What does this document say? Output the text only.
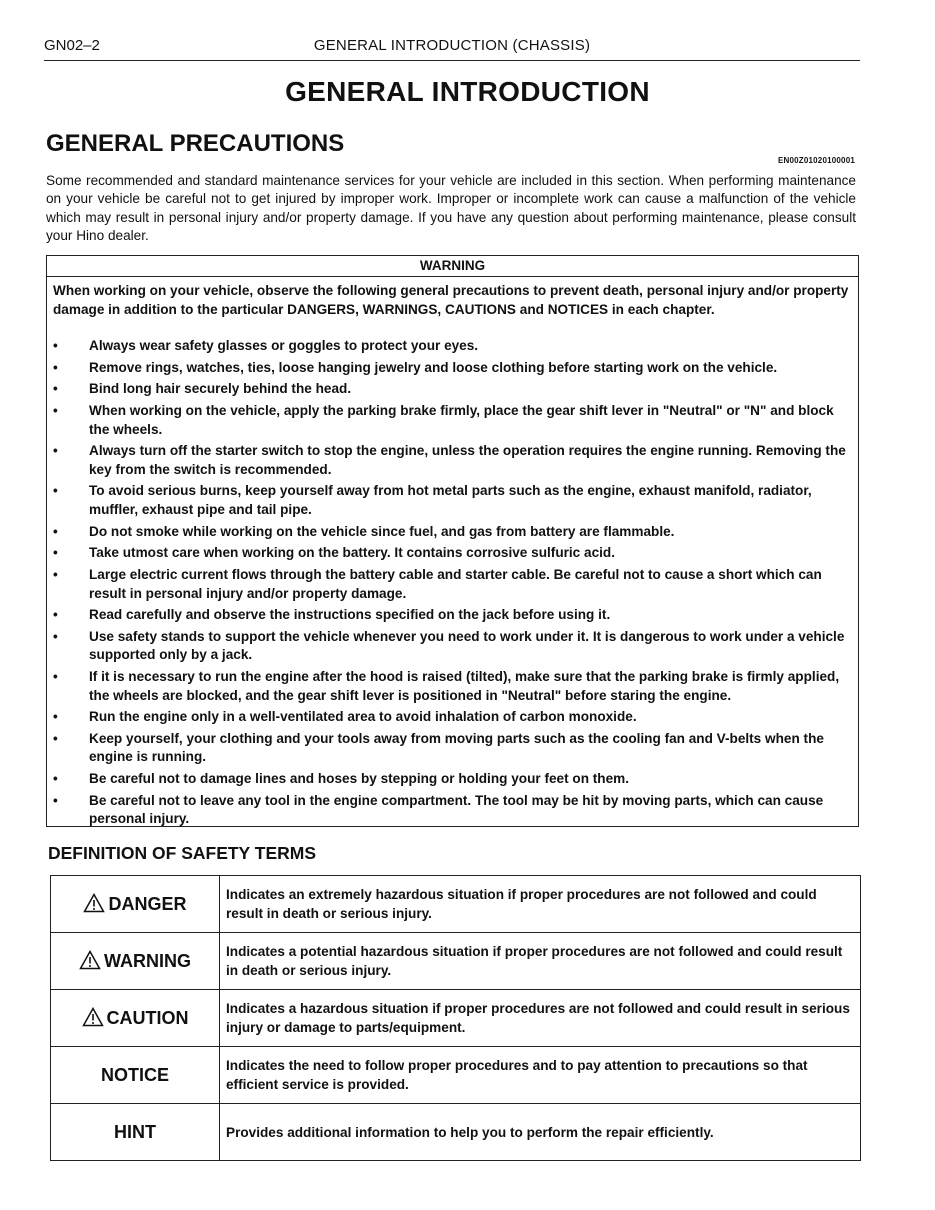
GN02–2	GENERAL INTRODUCTION (CHASSIS)
GENERAL INTRODUCTION
GENERAL PRECAUTIONS
EN00Z01020100001
Some recommended and standard maintenance services for your vehicle are included in this section. When performing maintenance on your vehicle be careful not to get injured by improper work. Improper or incomplete work can cause a malfunction of the vehicle which may result in personal injury and/or property damage. If you have any question about performing maintenance, please consult your Hino dealer.
WARNING
When working on your vehicle, observe the following general precautions to prevent death, personal injury and/or property damage in addition to the particular DANGERS, WARNINGS, CAUTIONS and NOTICES in each chapter.
• Always wear safety glasses or goggles to protect your eyes.
• Remove rings, watches, ties, loose hanging jewelry and loose clothing before starting work on the vehicle.
• Bind long hair securely behind the head.
• When working on the vehicle, apply the parking brake firmly, place the gear shift lever in "Neutral" or "N" and block the wheels.
• Always turn off the starter switch to stop the engine, unless the operation requires the engine running. Removing the key from the switch is recommended.
• To avoid serious burns, keep yourself away from hot metal parts such as the engine, exhaust manifold, radiator, muffler, exhaust pipe and tail pipe.
• Do not smoke while working on the vehicle since fuel, and gas from battery are flammable.
• Take utmost care when working on the battery. It contains corrosive sulfuric acid.
• Large electric current flows through the battery cable and starter cable. Be careful not to cause a short which can result in personal injury and/or property damage.
• Read carefully and observe the instructions specified on the jack before using it.
• Use safety stands to support the vehicle whenever you need to work under it. It is dangerous to work under a vehicle supported only by a jack.
• If it is necessary to run the engine after the hood is raised (tilted), make sure that the parking brake is firmly applied, the wheels are blocked, and the gear shift lever is positioned in "Neutral" before staring the engine.
• Run the engine only in a well-ventilated area to avoid inhalation of carbon monoxide.
• Keep yourself, your clothing and your tools away from moving parts such as the cooling fan and V-belts when the engine is running.
• Be careful not to damage lines and hoses by stepping or holding your feet on them.
• Be careful not to leave any tool in the engine compartment. The tool may be hit by moving parts, which can cause personal injury.
DEFINITION OF SAFETY TERMS
DANGER	Indicates an extremely hazardous situation if proper procedures are not followed and could result in death or serious injury.
WARNING	Indicates a potential hazardous situation if proper procedures are not followed and could result in death or serious injury.
CAUTION	Indicates a hazardous situation if proper procedures are not followed and could result in serious injury or damage to parts/equipment.
NOTICE	Indicates the need to follow proper procedures and to pay attention to precautions so that efficient service is provided.
HINT	Provides additional information to help you to perform the repair efficiently.
